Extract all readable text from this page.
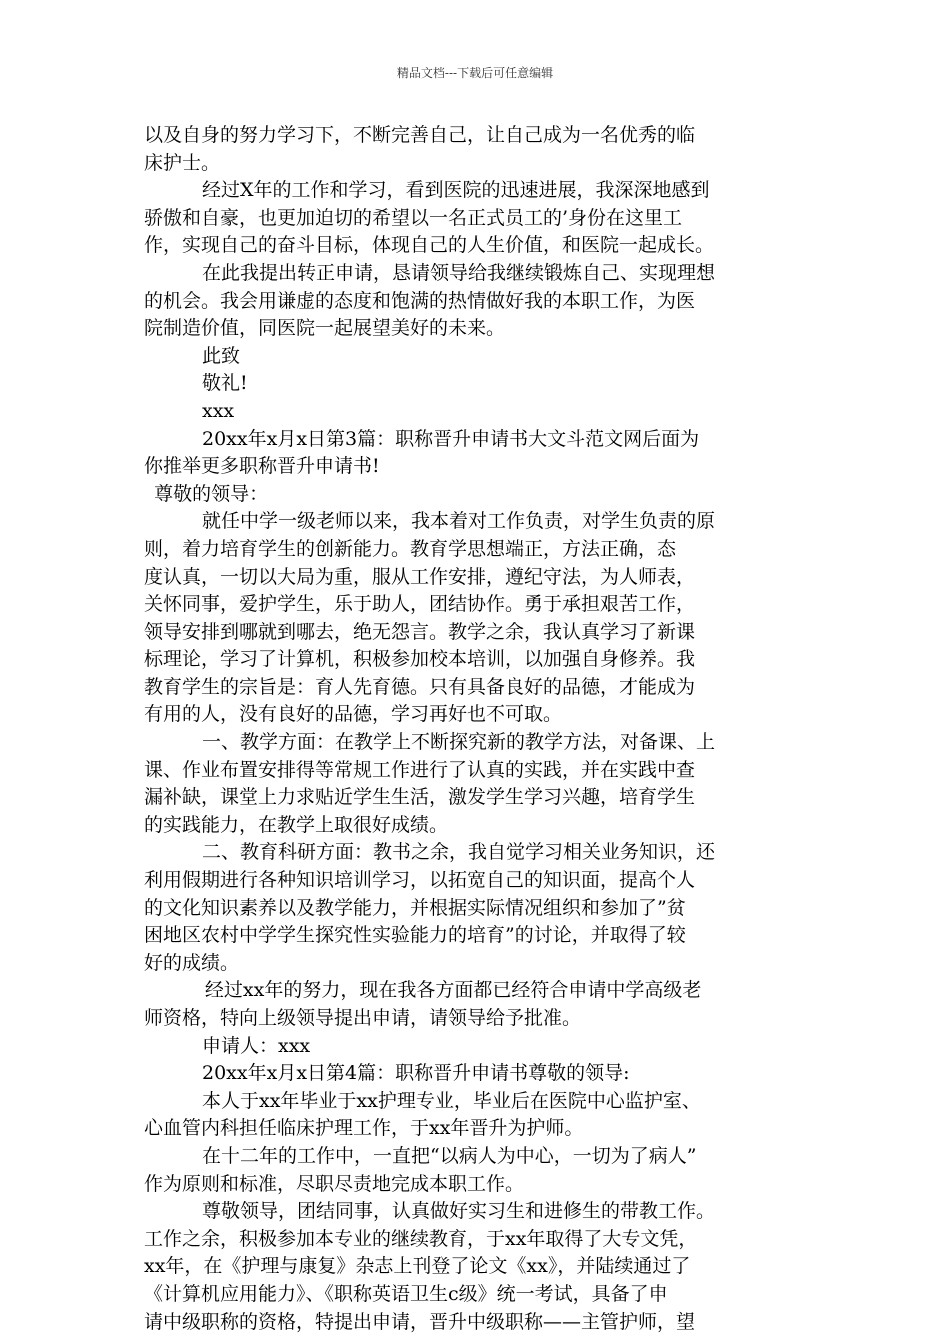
精品文档---下载后可任意编辑
以及自身的努力学习下，不断完善自己，让自己成为一名优秀的临
床护士。
经过X年的工作和学习，看到医院的迅速进展，我深深地感到
骄傲和自豪，也更加迫切的希望以一名正式员工的’身份在这里工
作，实现自己的奋斗目标，体现自己的人生价值，和医院一起成长。
在此我提出转正申请，恳请领导给我继续锻炼自己、实现理想
的机会。我会用谦虚的态度和饱满的热情做好我的本职工作，为医
院制造价值，同医院一起展望美好的未来。
此致
敬礼!
xxx
20xx年x月x日第3篇：职称晋升申请书大文斗范文网后面为
你推举更多职称晋升申请书!
尊敬的领导：
就任中学一级老师以来，我本着对工作负责，对学生负责的原
则，着力培育学生的创新能力。教育学思想端正，方法正确，态
度认真，一切以大局为重，服从工作安排，遵纪守法，为人师表，
关怀同事，爱护学生，乐于助人，团结协作。勇于承担艰苦工作，
领导安排到哪就到哪去，绝无怨言。教学之余，我认真学习了新课
标理论，学习了计算机，积极参加校本培训，以加强自身修养。我
教育学生的宗旨是：育人先育德。只有具备良好的品德，才能成为
有用的人，没有良好的品德，学习再好也不可取。
一、教学方面：在教学上不断探究新的教学方法，对备课、上
课、作业布置安排得等常规工作进行了认真的实践，并在实践中查
漏补缺，课堂上力求贴近学生生活，激发学生学习兴趣，培育学生
的实践能力，在教学上取很好成绩。
二、教育科研方面：教书之余，我自觉学习相关业务知识，还
利用假期进行各种知识培训学习，以拓宽自己的知识面，提高个人
的文化知识素养以及教学能力，并根据实际情况组织和参加了”贫
困地区农村中学学生探究性实验能力的培育”的讨论，并取得了较
好的成绩。
经过xx年的努力，现在我各方面都已经符合申请中学高级老
师资格，特向上级领导提出申请，请领导给予批准。
申请人：xxx
20xx年x月x日第4篇：职称晋升申请书尊敬的领导:
本人于xx年毕业于xx护理专业，毕业后在医院中心监护室、
心血管内科担任临床护理工作，于xx年晋升为护师。
在十二年的工作中，一直把“以病人为中心，一切为了病人”
作为原则和标准，尽职尽责地完成本职工作。
尊敬领导，团结同事，认真做好实习生和进修生的带教工作。
工作之余，积极参加本专业的继续教育，于xx年取得了大专文凭，
xx年，在《护理与康复》杂志上刊登了论文《xx》，并陆续通过了
《计算机应用能力》、《职称英语卫生c级》统一考试，具备了申
请中级职称的资格，特提出申请，晋升中级职称——主管护师，望
